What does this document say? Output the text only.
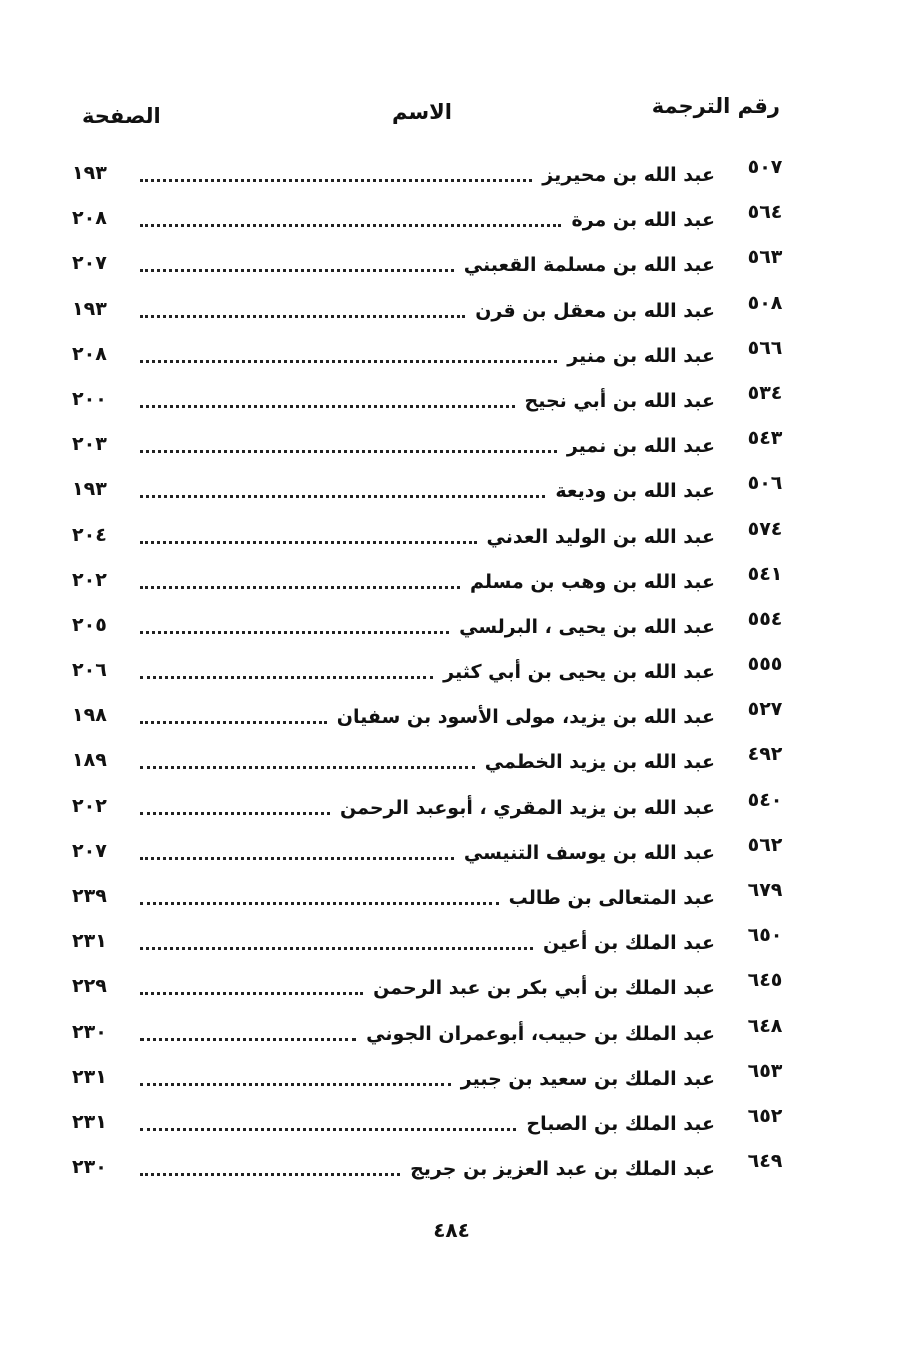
رقم الترجمة
الاسم
الصفحة
٥٠٧
عبد الله بن محيريز
١٩٣
٥٦٤
عبد الله بن مرة
٢٠٨
٥٦٣
عبد الله بن مسلمة القعبني
٢٠٧
٥٠٨
عبد الله بن معقل بن قرن
١٩٣
٥٦٦
عبد الله بن منير
٢٠٨
٥٣٤
عبد الله بن أبي نجيح
٢٠٠
٥٤٣
عبد الله بن نمير
٢٠٣
٥٠٦
عبد الله بن وديعة
١٩٣
٥٧٤
عبد الله بن الوليد العدني
٢٠٤
٥٤١
عبد الله بن وهب بن مسلم
٢٠٢
٥٥٤
عبد الله بن يحيى ، البرلسي
٢٠٥
٥٥٥
عبد الله بن يحيى بن أبي كثير
٢٠٦
٥٢٧
عبد الله بن يزيد، مولى الأسود بن سفيان
١٩٨
٤٩٢
عبد الله بن يزيد الخطمي
١٨٩
٥٤٠
عبد الله بن يزيد المقري ، أبوعبد الرحمن
٢٠٢
٥٦٢
عبد الله بن يوسف التنيسي
٢٠٧
٦٧٩
عبد المتعالى بن طالب
٢٣٩
٦٥٠
عبد الملك بن أعين
٢٣١
٦٤٥
عبد الملك بن أبي بكر بن عبد الرحمن
٢٢٩
٦٤٨
عبد الملك بن حبيب، أبوعمران الجوني
٢٣٠
٦٥٣
عبد الملك بن سعيد بن جبير
٢٣١
٦٥٢
عبد الملك بن الصباح
٢٣١
٦٤٩
عبد الملك بن عبد العزيز بن جريج
٢٣٠
٤٨٤
